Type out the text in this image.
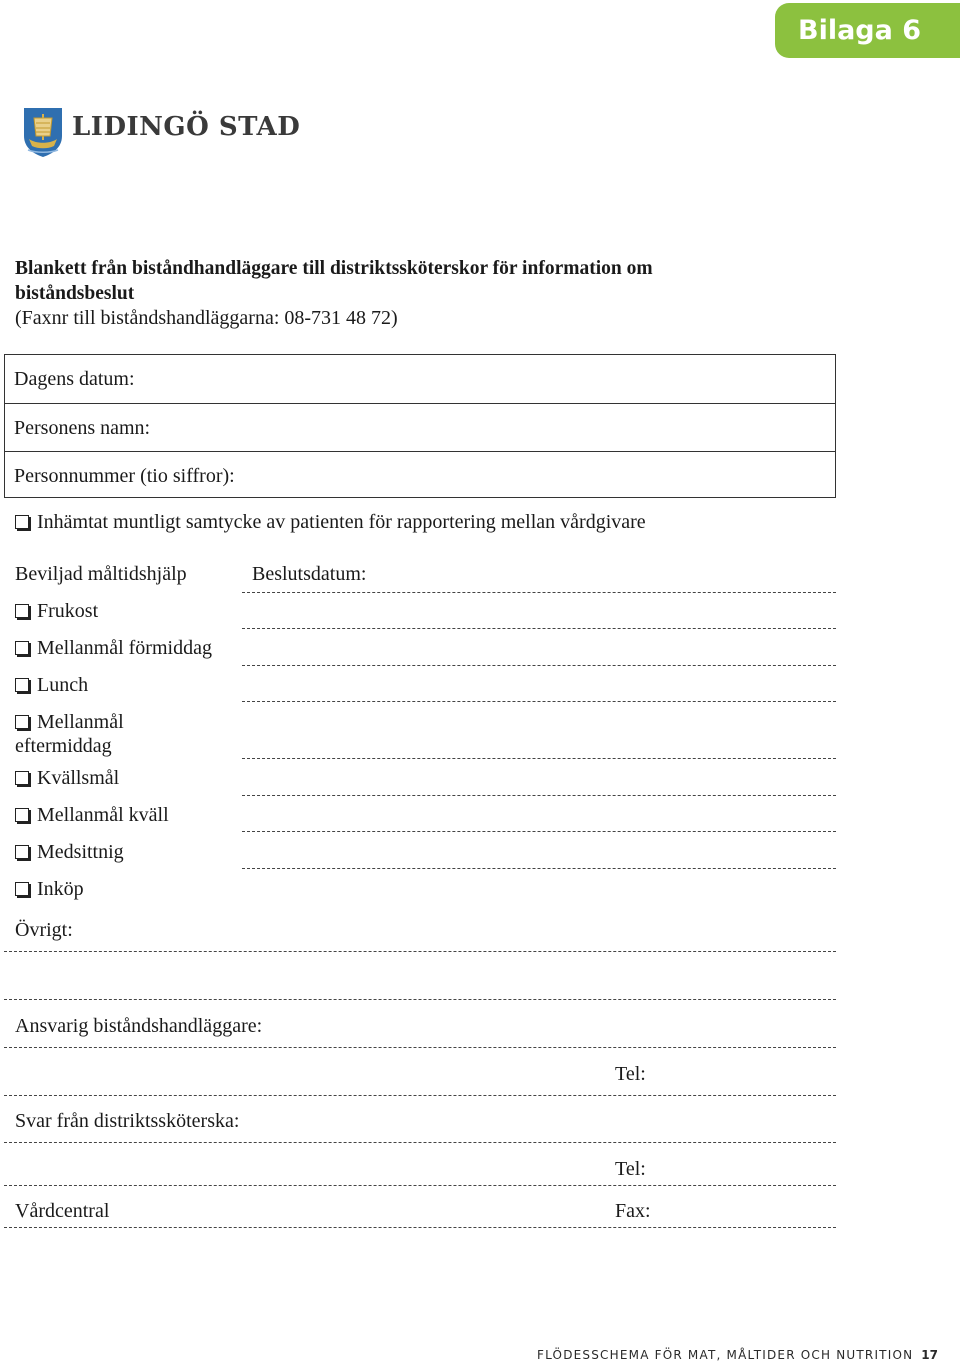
Bilaga 6
LIDINGÖ STAD
Blankett från biståndhandläggare till distriktssköterskor för information om biståndsbeslut
(Faxnr till biståndshandläggarna: 08-731 48 72)
Dagens datum:
Personens namn:
Personnummer (tio siffror):
Inhämtat muntligt samtycke av patienten för rapportering mellan vårdgivare
Beviljad måltidshjälp	Beslutsdatum:
Frukost
Mellanmål förmiddag
Lunch
Mellanmål eftermiddag
Kvällsmål
Mellanmål kväll
Medsittnig
Inköp
Övrigt:
Ansvarig biståndshandläggare:
Tel:
Svar från distriktssköterska:
Tel:
Vårdcentral	Fax:
FLÖDESSCHEMA FÖR MAT, MÅLTIDER OCH NUTRITION 17
